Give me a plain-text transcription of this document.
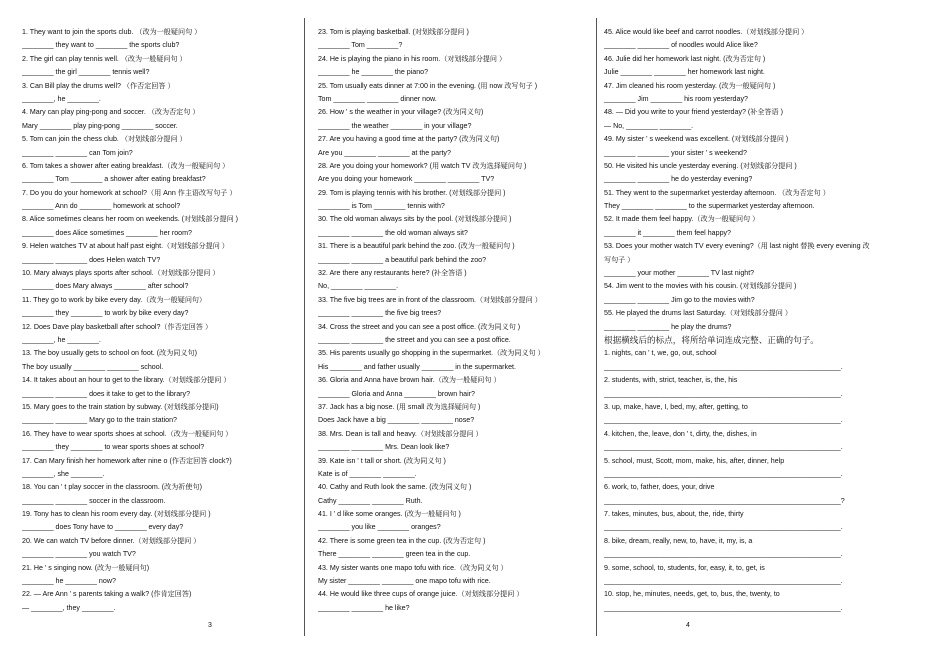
1. They want to join the sports club. （改为一般疑问句 ）
________ they want to ________ the sports club?
2. The girl can play tennis well. （改为一般疑问句 ）
________ the girl ________ tennis well?
3. Can Bill play the drums well? （作否定回答 ）
________, he ________.
4. Mary can play ping-pong and soccer. （改为否定句 ）
Mary ________ play ping-pong ________ soccer.
5. Tom can join the chess club. （对划线部分提问 ）
________ ________ can Tom join?
6. Tom takes a shower after eating breakfast.（改为一般疑问句 ）
________ Tom ________ a shower after eating breakfast?
7. Do you do your homework at school?（用 Ann 作主语改写句子 ）
________ Ann do ________ homework at school?
8. Alice sometimes cleans her room on weekends. (对划线部分提问 )
________ does Alice sometimes ________ her room?
9. Helen watches TV at about half past eight.（对划线部分提问 ）
________ ________ does Helen watch TV?
10. Mary always plays sports after school.（对划线部分提问 ）
________ does Mary always ________ after school?
11. They go to work by bike every day.（改为一般疑问句）
________ they ________ to work by bike every day?
12. Does Dave play basketball after school?（作否定回答 ）
________, he ________.
13. The boy usually gets to school on foot. (改为同义句)
The boy usually ________ ________ school.
14. It takes about an hour to get to the library.（对划线部分提问 ）
________ ________ does it take to get to the library?
15. Mary goes to the train station by subway. (对划线部分提问)
________ ________ Mary go to the train station?
16. They have to wear sports shoes at school.（改为一般疑问句 ）
________ they ________ to wear sports shoes at school?
17. Can Mary finish her homework after nine o (作否定回答 clock?)
________, she ________.
18. You can ' t play soccer in the classroom. (改为祈使句)
________ ________ soccer in the classroom.
19. Tony has to clean his room every day. (对划线部分提问 )
________ does Tony have to ________ every day?
20. We can watch TV before dinner.（对划线部分提问 ）
________ ________ you watch TV?
21. He ' s singing now. (改为一般疑问句)
________ he ________ now?
22. — Are Ann ' s parents taking a walk? (作肯定回答)
— ________, they ________.
23. Tom is playing basketball. (对划线部分提问 )
________ Tom ________?
24. He is playing the piano in his room.（对划线部分提问 ）
________ he ________ the piano?
25. Tom usually eats dinner at 7:00 in the evening. (用 now 改写句子 )
Tom ________ ________ dinner now.
26. How ' s the weather in your village? (改为同义句)
________ the weather ________ in your village?
27. Are you having a good time at the party? (改为同义句)
Are you ________ ________ at the party?
28. Are you doing your homework? (用 watch TV 改为选择疑问句 )
Are you doing your homework ________ ________ TV?
29. Tom is playing tennis with his brother. (对划线部分提问 )
________ is Tom ________ tennis with?
30. The old woman always sits by the pool. (对划线部分提问 )
________ ________ the old woman always sit?
31. There is a beautiful park behind the zoo. (改为一般疑问句 )
________ ________ a beautiful park behind the zoo?
32. Are there any restaurants here? (补全答语 )
No, ________ ________.
33. The five big trees are in front of the classroom.（对划线部分提问 ）
________ ________ the five big trees?
34. Cross the street and you can see a post office. (改为同义句 )
________ ________ the street and you can see a post office.
35. His parents usually go shopping in the supermarket.（改为同义句 ）
His ________ and father usually ________ in the supermarket.
36. Gloria and Anna have brown hair.（改为一般疑问句 ）
________ Gloria and Anna ________ brown hair?
37. Jack has a big nose. (用 small 改为选择疑问句 )
Does Jack have a big ________ ________ nose?
38. Mrs. Dean is tall and heavy.（对划线部分提问 ）
________ ________ Mrs. Dean look like?
39. Kate isn ' t tall or short. (改为同义句 )
Kate is of ________ ________.
40. Cathy and Ruth look the same. (改为同义句 )
Cathy ________ ________ Ruth.
41. I ' d like some oranges. (改为一般疑问句 )
________ you like ________ oranges?
42. There is some green tea in the cup. (改为否定句 )
There ________ ________ green tea in the cup.
43. My sister wants one mapo tofu with rice.（改为同义句 ）
My sister ________ ________ one mapo tofu with rice.
44. He would like three cups of orange juice.（对划线部分提问 ）
________ ________ he like?
45. Alice would like beef and carrot noodles.（对划线部分提问 ）
________ ________ of noodles would Alice like?
46. Julie did her homework last night. (改为否定句 )
Julie ________ ________ her homework last night.
47. Jim cleaned his room yesterday. (改为一般疑问句 )
________ Jim ________ his room yesterday?
48. — Did you write to your friend yesterday? (补全答语 )
— No, ________ ________.
49. My sister ' s weekend was excellent. (对划线部分提问 )
________ ________ your sister ' s weekend?
50. He visited his uncle yesterday evening. (对划线部分提问 )
________ ________ he do yesterday evening?
51. They went to the supermarket yesterday afternoon. （改为否定句 ）
They ________ ________ to the supermarket yesterday afternoon.
52. It made them feel happy.（改为一般疑问句 ）
________ it ________ them feel happy?
53. Does your mother watch TV every evening?（用 last night 替换 every evening 改写句子 ）
________ your mother ________ TV last night?
54. Jim went to the movies with his cousin. (对划线部分提问 )
________ ________ Jim go to the movies with?
55. He played the drums last Saturday.（对划线部分提问 ）
________ ________ he play the drums?
根据横线后的标点，将所给单词连成完整、正确的句子。
1. nights, can ' t, we, go, out, school
____________________________________________________________.
2. students, with, strict, teacher, is, the, his
____________________________________________________________.
3. up, make, have, I, bed, my, after, getting, to
____________________________________________________________.
4. kitchen, the, leave, don ' t, dirty, the, dishes, in
____________________________________________________________.
5. school, must, Scott, mom, make, his, after, dinner, help
____________________________________________________________.
6. work, to, father, does, your, drive
____________________________________________________________?
7. takes, minutes, bus, about, the, ride, thirty
____________________________________________________________.
8. bike, dream, really, new, to, have, it, my, is, a
____________________________________________________________.
9. some, school, to, students, for, easy, it, to, get, is
____________________________________________________________.
10. stop, he, minutes, needs, get, to, bus, the, twenty, to
____________________________________________________________.
3	4
